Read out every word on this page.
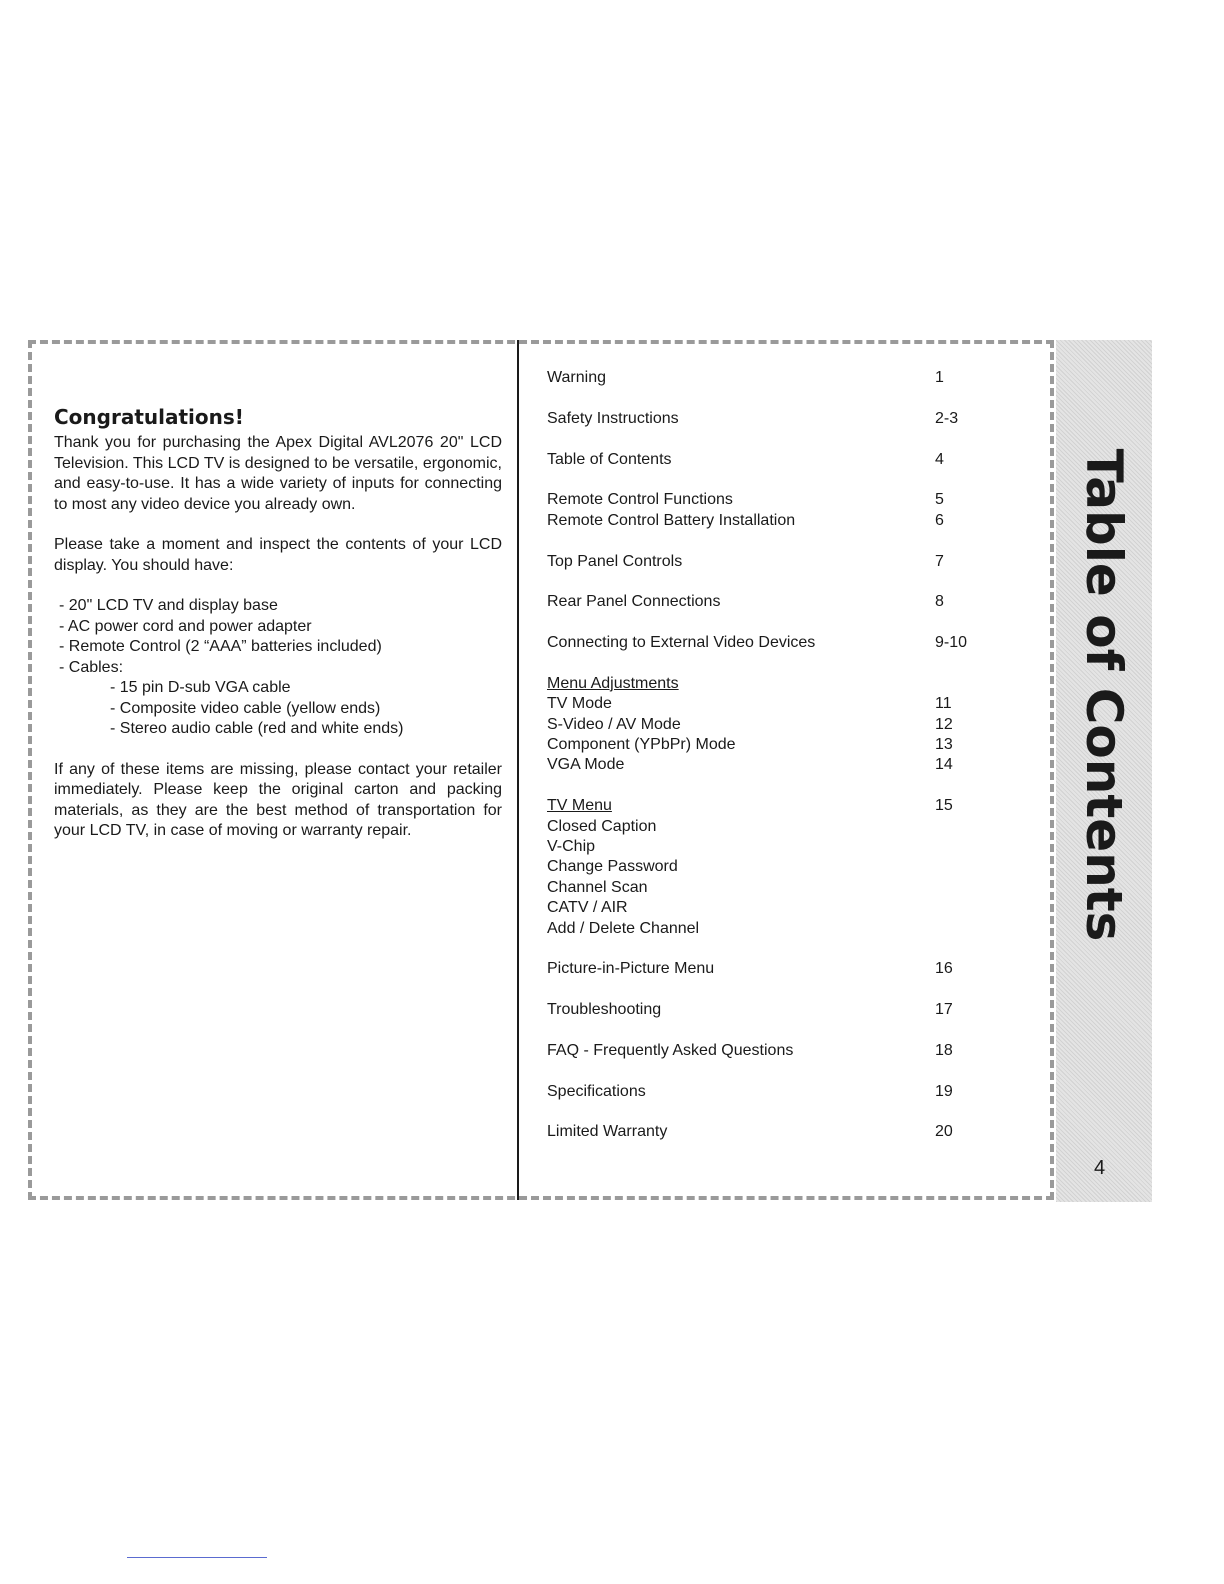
Congratulations!

Thank you for purchasing the Apex Digital AVL2076 20" LCD Television. This LCD TV is designed to be versatile, ergonomic, and easy-to-use. It has a wide variety of inputs for connecting to most any video device you already own.

Please take a moment and inspect the contents of your LCD display. You should have:

- 20" LCD TV and display base
- AC power cord and power adapter
- Remote Control (2 “AAA” batteries included)
- Cables:
- 15 pin D-sub VGA cable
- Composite video cable (yellow ends)
- Stereo audio cable (red and white ends)

If any of these items are missing, please contact your retailer immediately. Please keep the original carton and packing materials, as they are the best method of transportation for your LCD TV, in case of moving or warranty repair.

Warning	1
Safety Instructions	2-3
Table of Contents	4
Remote Control Functions	5
Remote Control Battery Installation	6
Top Panel Controls	7
Rear Panel Connections	8
Connecting to External Video Devices	9-10
Menu Adjustments
TV Mode	11
S-Video / AV Mode	12
Component (YPbPr) Mode	13
VGA Mode	14
TV Menu	15
Closed Caption
V-Chip
Change Password
Channel Scan
CATV / AIR
Add / Delete Channel
Picture-in-Picture Menu	16
Troubleshooting	17
FAQ - Frequently Asked Questions	18
Specifications	19
Limited Warranty	20
Table of Contents
4
